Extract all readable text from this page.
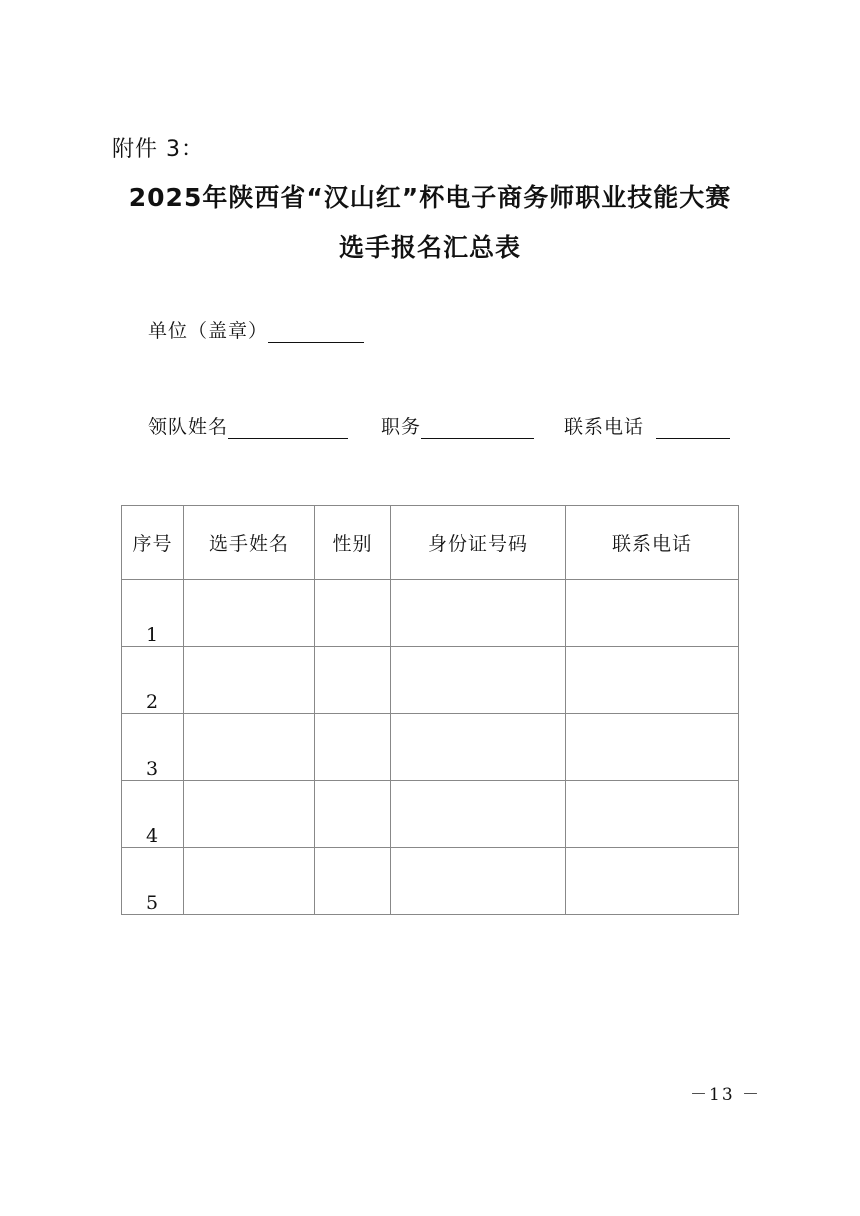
附件 3：
2025年陕西省“汉山红”杯电子商务师职业技能大赛
选手报名汇总表
单位（盖章）
领队姓名	职务	联系电话
序号	选手姓名	性别	身份证号码	联系电话
1				
2				
3				
4				
5				
－13 －
